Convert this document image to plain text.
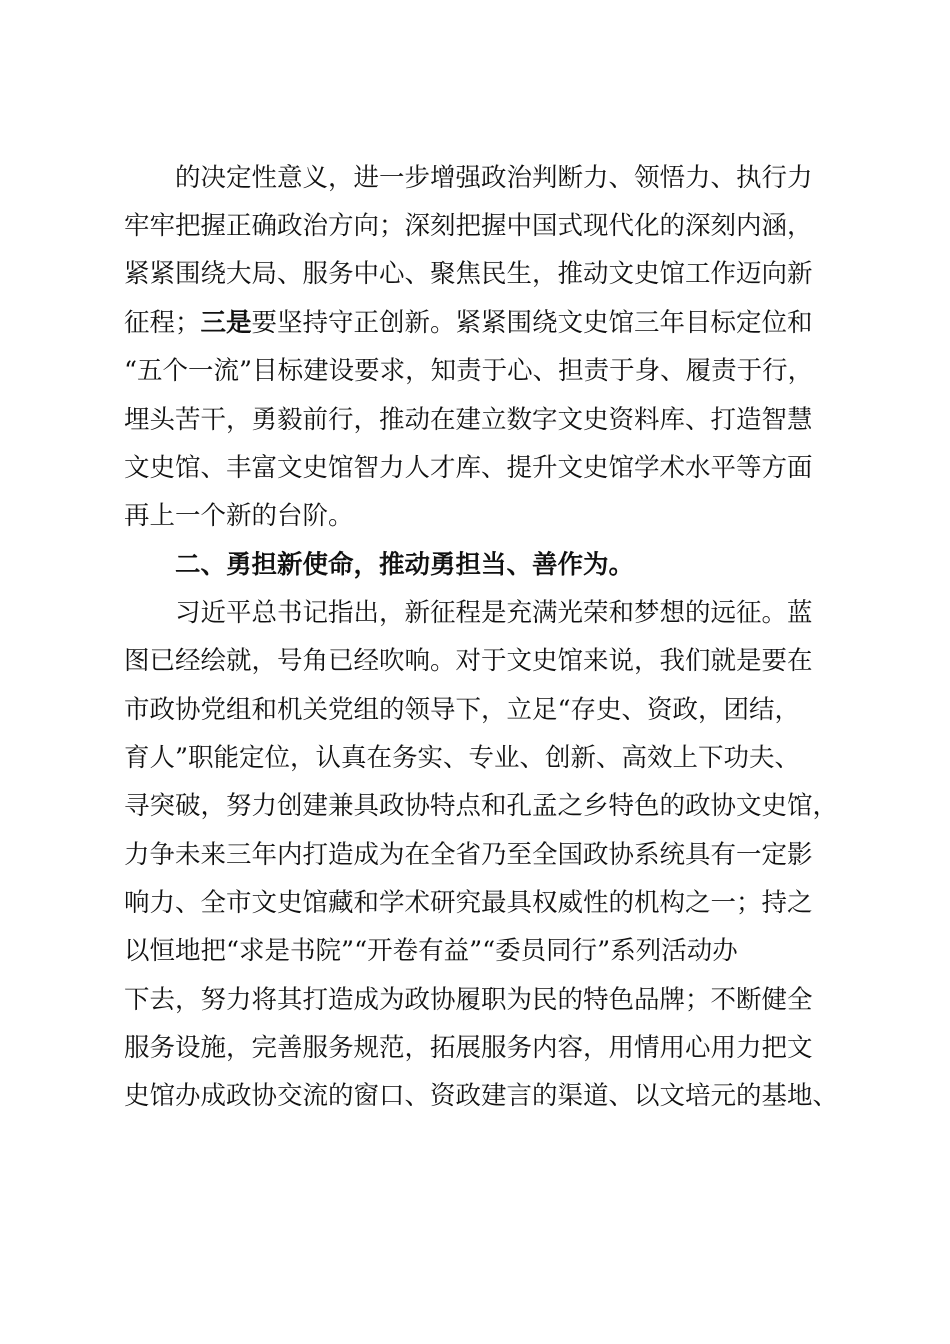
的决定性意义，进一步增强政治判断力、领悟力、执行力
牢牢把握正确政治方向；深刻把握中国式现代化的深刻内涵，
紧紧围绕大局、服务中心、聚焦民生，推动文史馆工作迈向新
征程；三是要坚持守正创新。紧紧围绕文史馆三年目标定位和
“五个一流”目标建设要求，知责于心、担责于身、履责于行，
埋头苦干，勇毅前行，推动在建立数字文史资料库、打造智慧
文史馆、丰富文史馆智力人才库、提升文史馆学术水平等方面
再上一个新的台阶。
二、勇担新使命，推动勇担当、善作为。
习近平总书记指出，新征程是充满光荣和梦想的远征。蓝
图已经绘就，号角已经吹响。对于文史馆来说，我们就是要在
市政协党组和机关党组的领导下，立足“存史、资政，团结，
育人”职能定位，认真在务实、专业、创新、高效上下功夫、
寻突破，努力创建兼具政协特点和孔孟之乡特色的政协文史馆，
力争未来三年内打造成为在全省乃至全国政协系统具有一定影
响力、全市文史馆藏和学术研究最具权威性的机构之一；持之
以恒地把“求是书院”“开卷有益”“委员同行”系列活动办
下去，努力将其打造成为政协履职为民的特色品牌；不断健全
服务设施，完善服务规范，拓展服务内容，用情用心用力把文
史馆办成政协交流的窗口、资政建言的渠道、以文培元的基地、
